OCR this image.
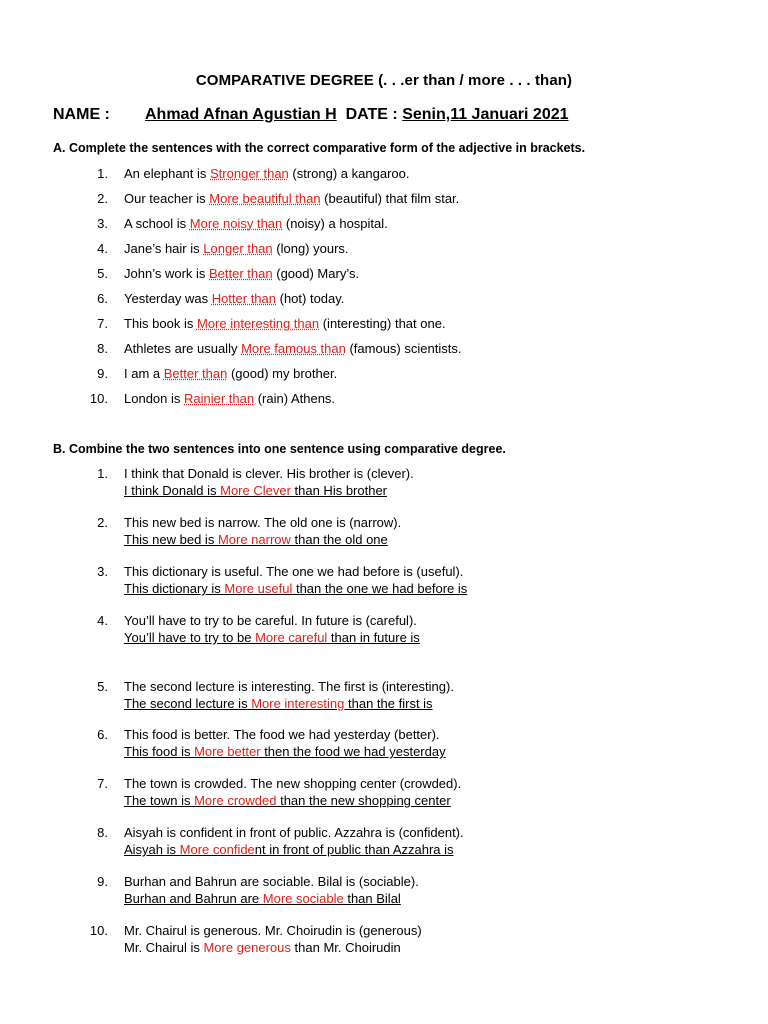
COMPARATIVE DEGREE (. . .er than / more . . . than)
NAME : Ahmad Afnan Agustian H DATE : Senin,11 Januari 2021
A. Complete the sentences with the correct comparative form of the adjective in brackets.
1. An elephant is Stronger than (strong) a kangaroo.
2. Our teacher is More beautiful than (beautiful) that film star.
3. A school is More noisy than (noisy) a hospital.
4. Jane’s hair is Longer than (long) yours.
5. John’s work is Better than (good) Mary’s.
6. Yesterday was Hotter than (hot) today.
7. This book is More interesting than (interesting) that one.
8. Athletes are usually More famous than (famous) scientists.
9. I am a Better than (good) my brother.
10. London is Rainier than (rain) Athens.
B. Combine the two sentences into one sentence using comparative degree.
1. I think that Donald is clever. His brother is (clever).
I think Donald is More Clever than His brother
2. This new bed is narrow. The old one is (narrow).
This new bed is More narrow than the old one
3. This dictionary is useful. The one we had before is (useful).
This dictionary is More useful than the one we had before is
4. You’ll have to try to be careful. In future is (careful).
You’ll have to try to be More careful than in future is
5. The second lecture is interesting. The first is (interesting).
The second lecture is More interesting than the first is
6. This food is better. The food we had yesterday (better).
This food is More better then the food we had yesterday
7. The town is crowded. The new shopping center (crowded).
The town is More crowded than the new shopping center
8. Aisyah is confident in front of public. Azzahra is (confident).
Aisyah is More confident in front of public than Azzahra is
9. Burhan and Bahrun are sociable. Bilal is (sociable).
Burhan and Bahrun are More sociable than Bilal
10. Mr. Chairul is generous. Mr. Choirudin is (generous)
Mr. Chairul is More generous than Mr. Choirudin
